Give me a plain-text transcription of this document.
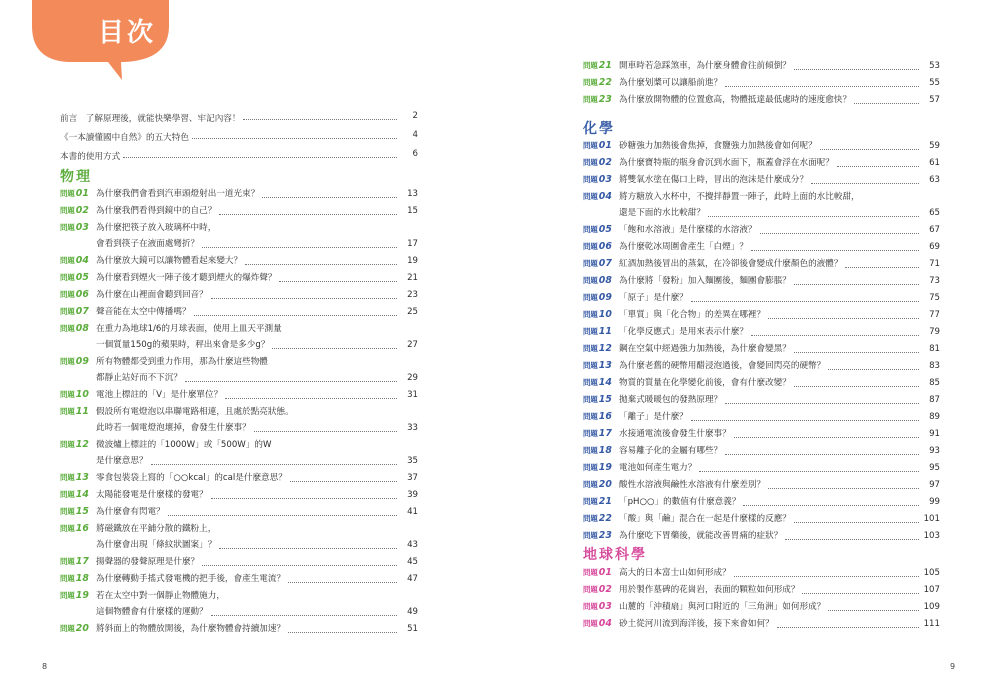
目次
前言　了解原理後，就能快樂學習、牢記內容！	2
《一本讀懂國中自然》的五大特色	4
本書的使用方式	6
物理
問題01 為什麼我們會看到汽車頭燈射出一道光束？	13
問題02 為什麼我們看得到鏡中的自己？	15
問題03 為什麼把筷子放入玻璃杯中時，
會看到筷子在液面處彎折？	17
問題04 為什麼放大鏡可以讓物體看起來變大？	19
問題05 為什麼看到煙火一陣子後才聽到煙火的爆炸聲？	21
問題06 為什麼在山裡面會聽到回音？	23
問題07 聲音能在太空中傳播嗎？	25
問題08 在重力為地球1/6的月球表面，使用上皿天平測量
一個質量150g的蘋果時，秤出來會是多少g？	27
問題09 所有物體都受到重力作用，那為什麼這些物體
都靜止站好而不下沉？	29
問題10 電池上標註的「V」是什麼單位？	31
問題11 假設所有電燈泡以串聯電路相連，且處於點亮狀態。
此時若一個電燈泡壞掉，會發生什麼事？	33
問題12 微波爐上標註的「1000W」或「500W」的W
是什麼意思？	35
問題13 零食包裝袋上寫的「○○kcal」的cal是什麼意思？	37
問題14 太陽能發電是什麼樣的發電？	39
問題15 為什麼會有閃電？	41
問題16 將磁鐵放在平鋪分散的鐵粉上，
為什麼會出現「條紋狀圖案」？	43
問題17 揚聲器的發聲原理是什麼？	45
問題18 為什麼轉動手搖式發電機的把手後，會產生電流？	47
問題19 若在太空中對一個靜止物體施力，
這個物體會有什麼樣的運動？	49
問題20 將斜面上的物體放開後，為什麼物體會持續加速？	51
8
問題21 開車時若急踩煞車，為什麼身體會往前傾倒？	53
問題22 為什麼划槳可以讓船前進？	55
問題23 為什麼放開物體的位置愈高，物體抵達最低處時的速度愈快？	57
化學
問題01 砂糖強力加熱後會焦掉，食鹽強力加熱後會如何呢？	59
問題02 為什麼寶特瓶的瓶身會沉到水面下，瓶蓋會浮在水面呢？	61
問題03 將雙氧水塗在傷口上時，冒出的泡沫是什麼成分？	63
問題04 將方糖放入水杯中，不攪拌靜置一陣子，此時上面的水比較甜，
還是下面的水比較甜？	65
問題05 「飽和水溶液」是什麼樣的水溶液？	67
問題06 為什麼乾冰周圍會產生「白煙」？	69
問題07 紅酒加熱後冒出的蒸氣，在冷卻後會變成什麼顏色的液體？	71
問題08 為什麼將「發粉」加入麵團後，麵團會膨脹？	73
問題09 「原子」是什麼？	75
問題10 「單質」與「化合物」的差異在哪裡？	77
問題11 「化學反應式」是用來表示什麼？	79
問題12 鋼在空氣中經過強力加熱後，為什麼會變黑？	81
問題13 為什麼老舊的硬幣用醋浸泡過後，會變回閃亮的硬幣？	83
問題14 物質的質量在化學變化前後，會有什麼改變？	85
問題15 拋棄式暖暖包的發熱原理？	87
問題16 「離子」是什麼？	89
問題17 水接通電流後會發生什麼事？	91
問題18 容易離子化的金屬有哪些？	93
問題19 電池如何產生電力？	95
問題20 酸性水溶液與鹼性水溶液有什麼差別？	97
問題21 「pH○○」的數值有什麼意義？	99
問題22 「酸」與「鹼」混合在一起是什麼樣的反應？	101
問題23 為什麼吃下胃藥後，就能改善胃痛的症狀？	103
地球科學
問題01 高大的日本富士山如何形成？	105
問題02 用於製作墓碑的花崗岩，表面的顆粒如何形成？	107
問題03 山麓的「沖積扇」與河口附近的「三角洲」如何形成？	109
問題04 砂土從河川流到海洋後，接下來會如何？	111
9
